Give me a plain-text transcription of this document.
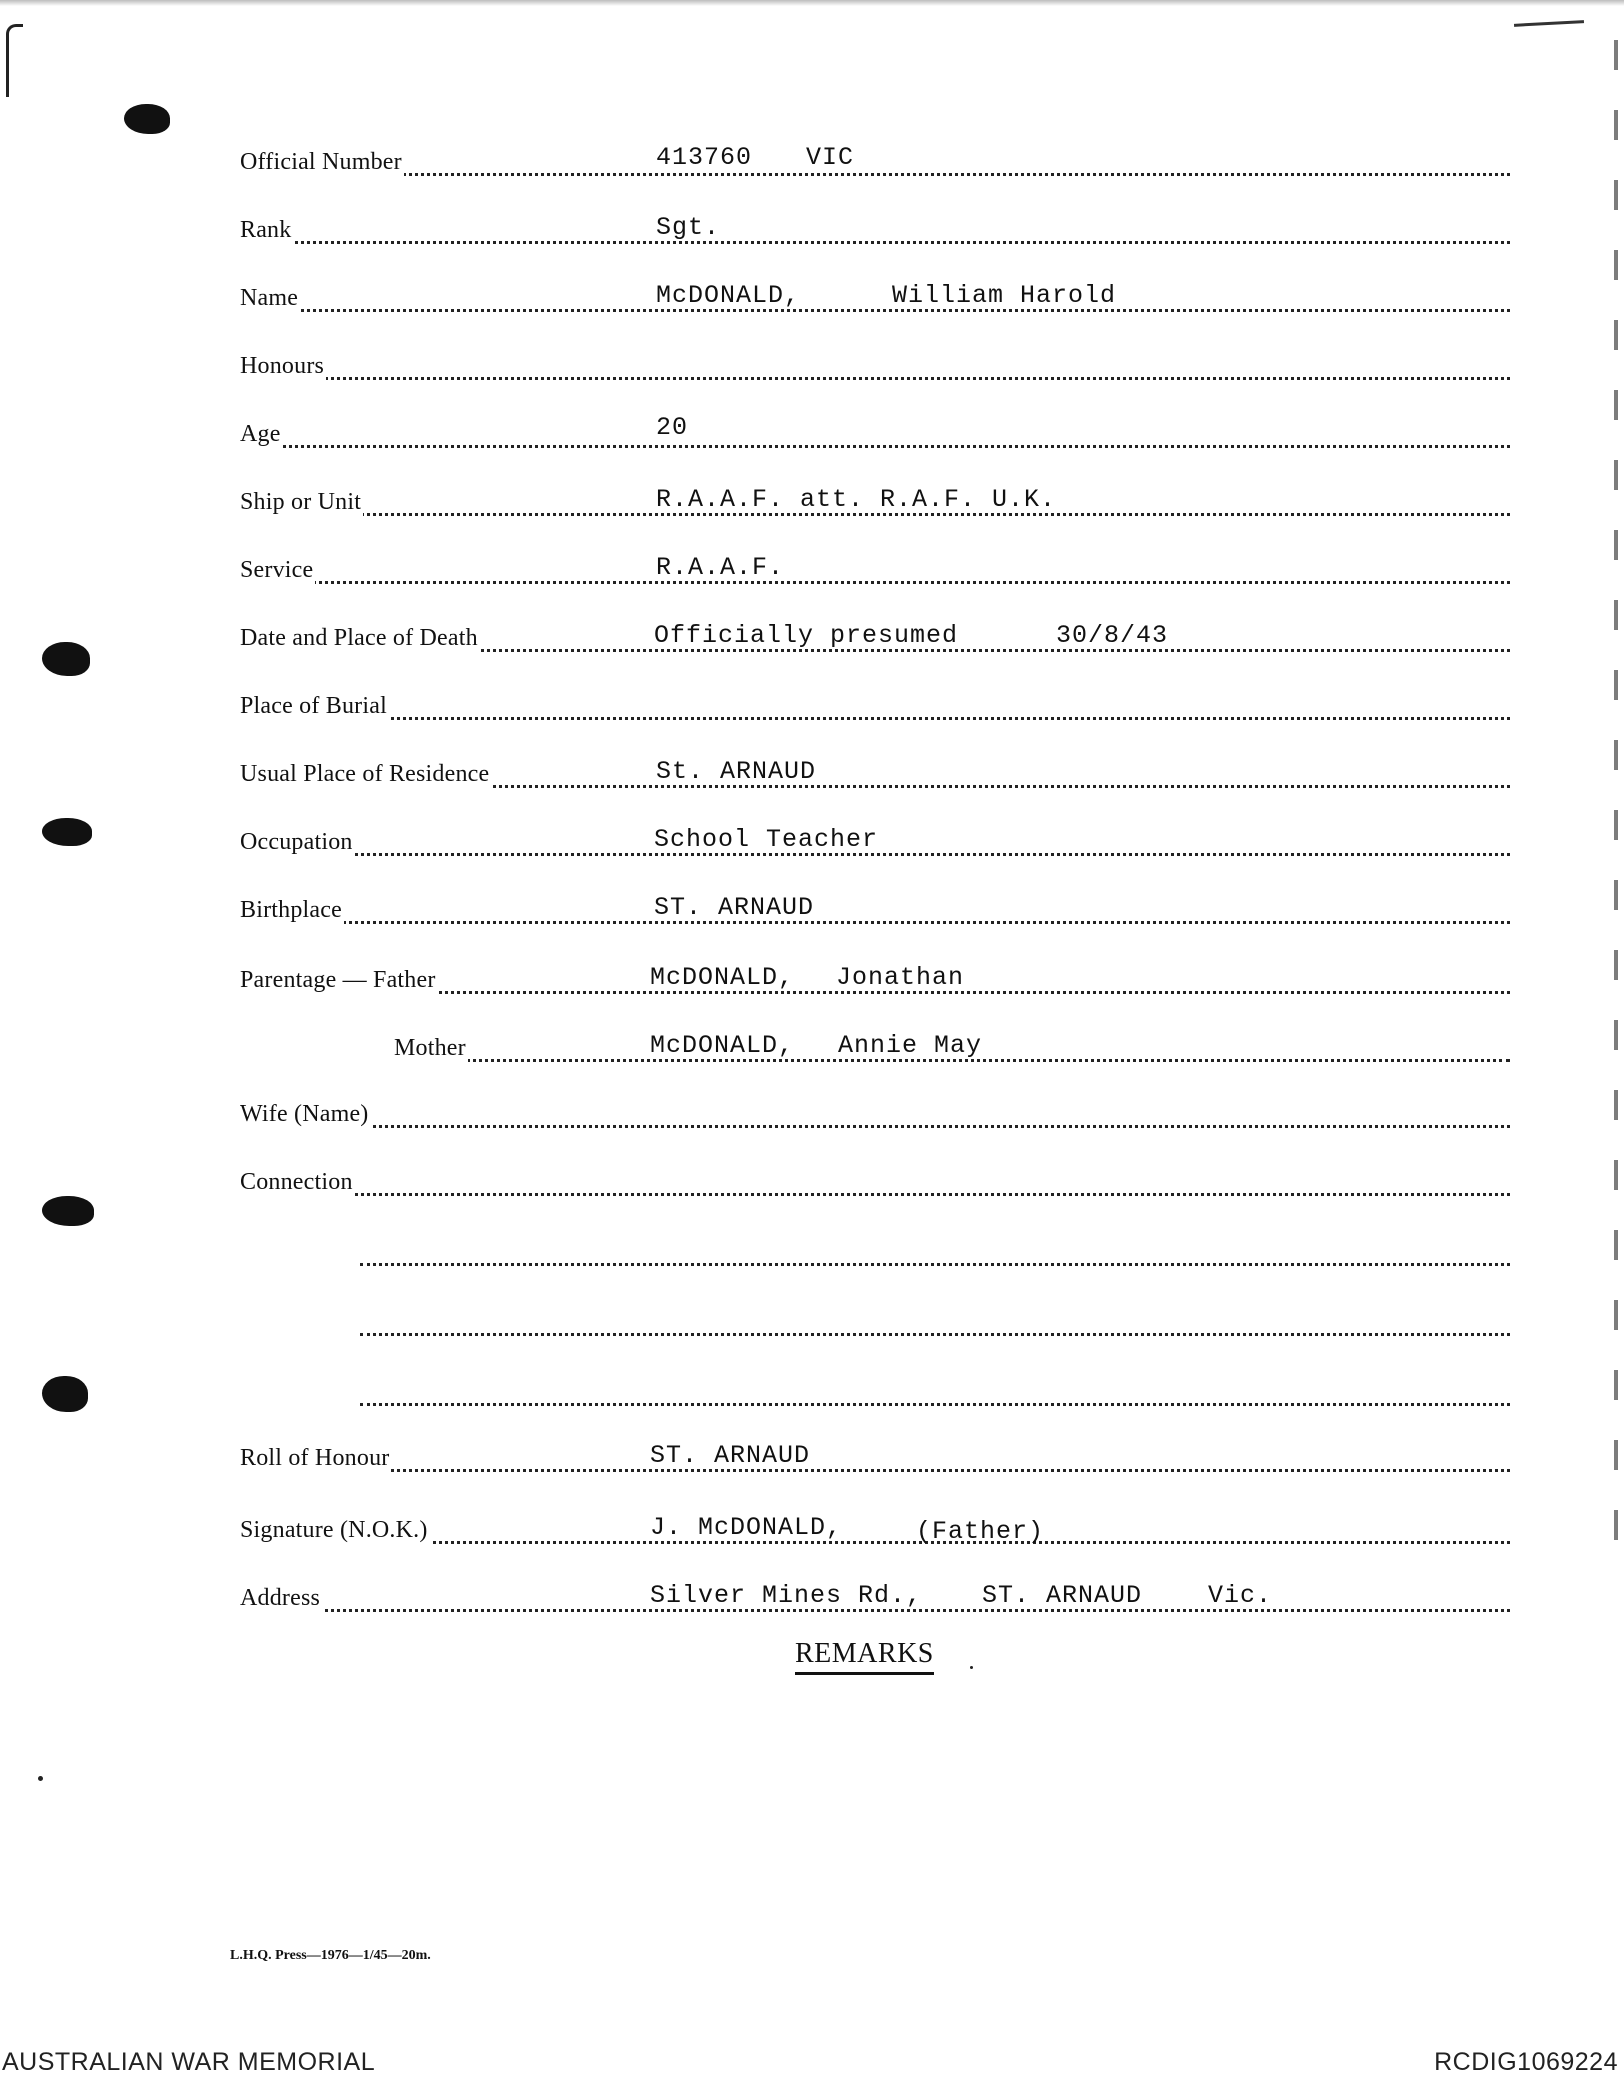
Official Number	413760 VIC
Rank	Sgt.
Name	McDONALD,	William Harold
Honours
Age	20
Ship or Unit	R.A.A.F. att. R.A.F. U.K.
Service	R.A.A.F.
Date and Place of Death	Officially presumed	30/8/43
Place of Burial
Usual Place of Residence	St. ARNAUD
Occupation	School Teacher
Birthplace	ST. ARNAUD
Parentage — Father	McDONALD, Jonathan
Mother	McDONALD, Annie May
Wife (Name)
Connection
Roll of Honour	ST. ARNAUD
Signature (N.O.K.)	J. McDONALD,	(Father)
Address	Silver Mines Rd., ST. ARNAUD	Vic.
REMARKS
L.H.Q. Press—1976—1/45—20m.
AUSTRALIAN WAR MEMORIAL	RCDIG1069224
